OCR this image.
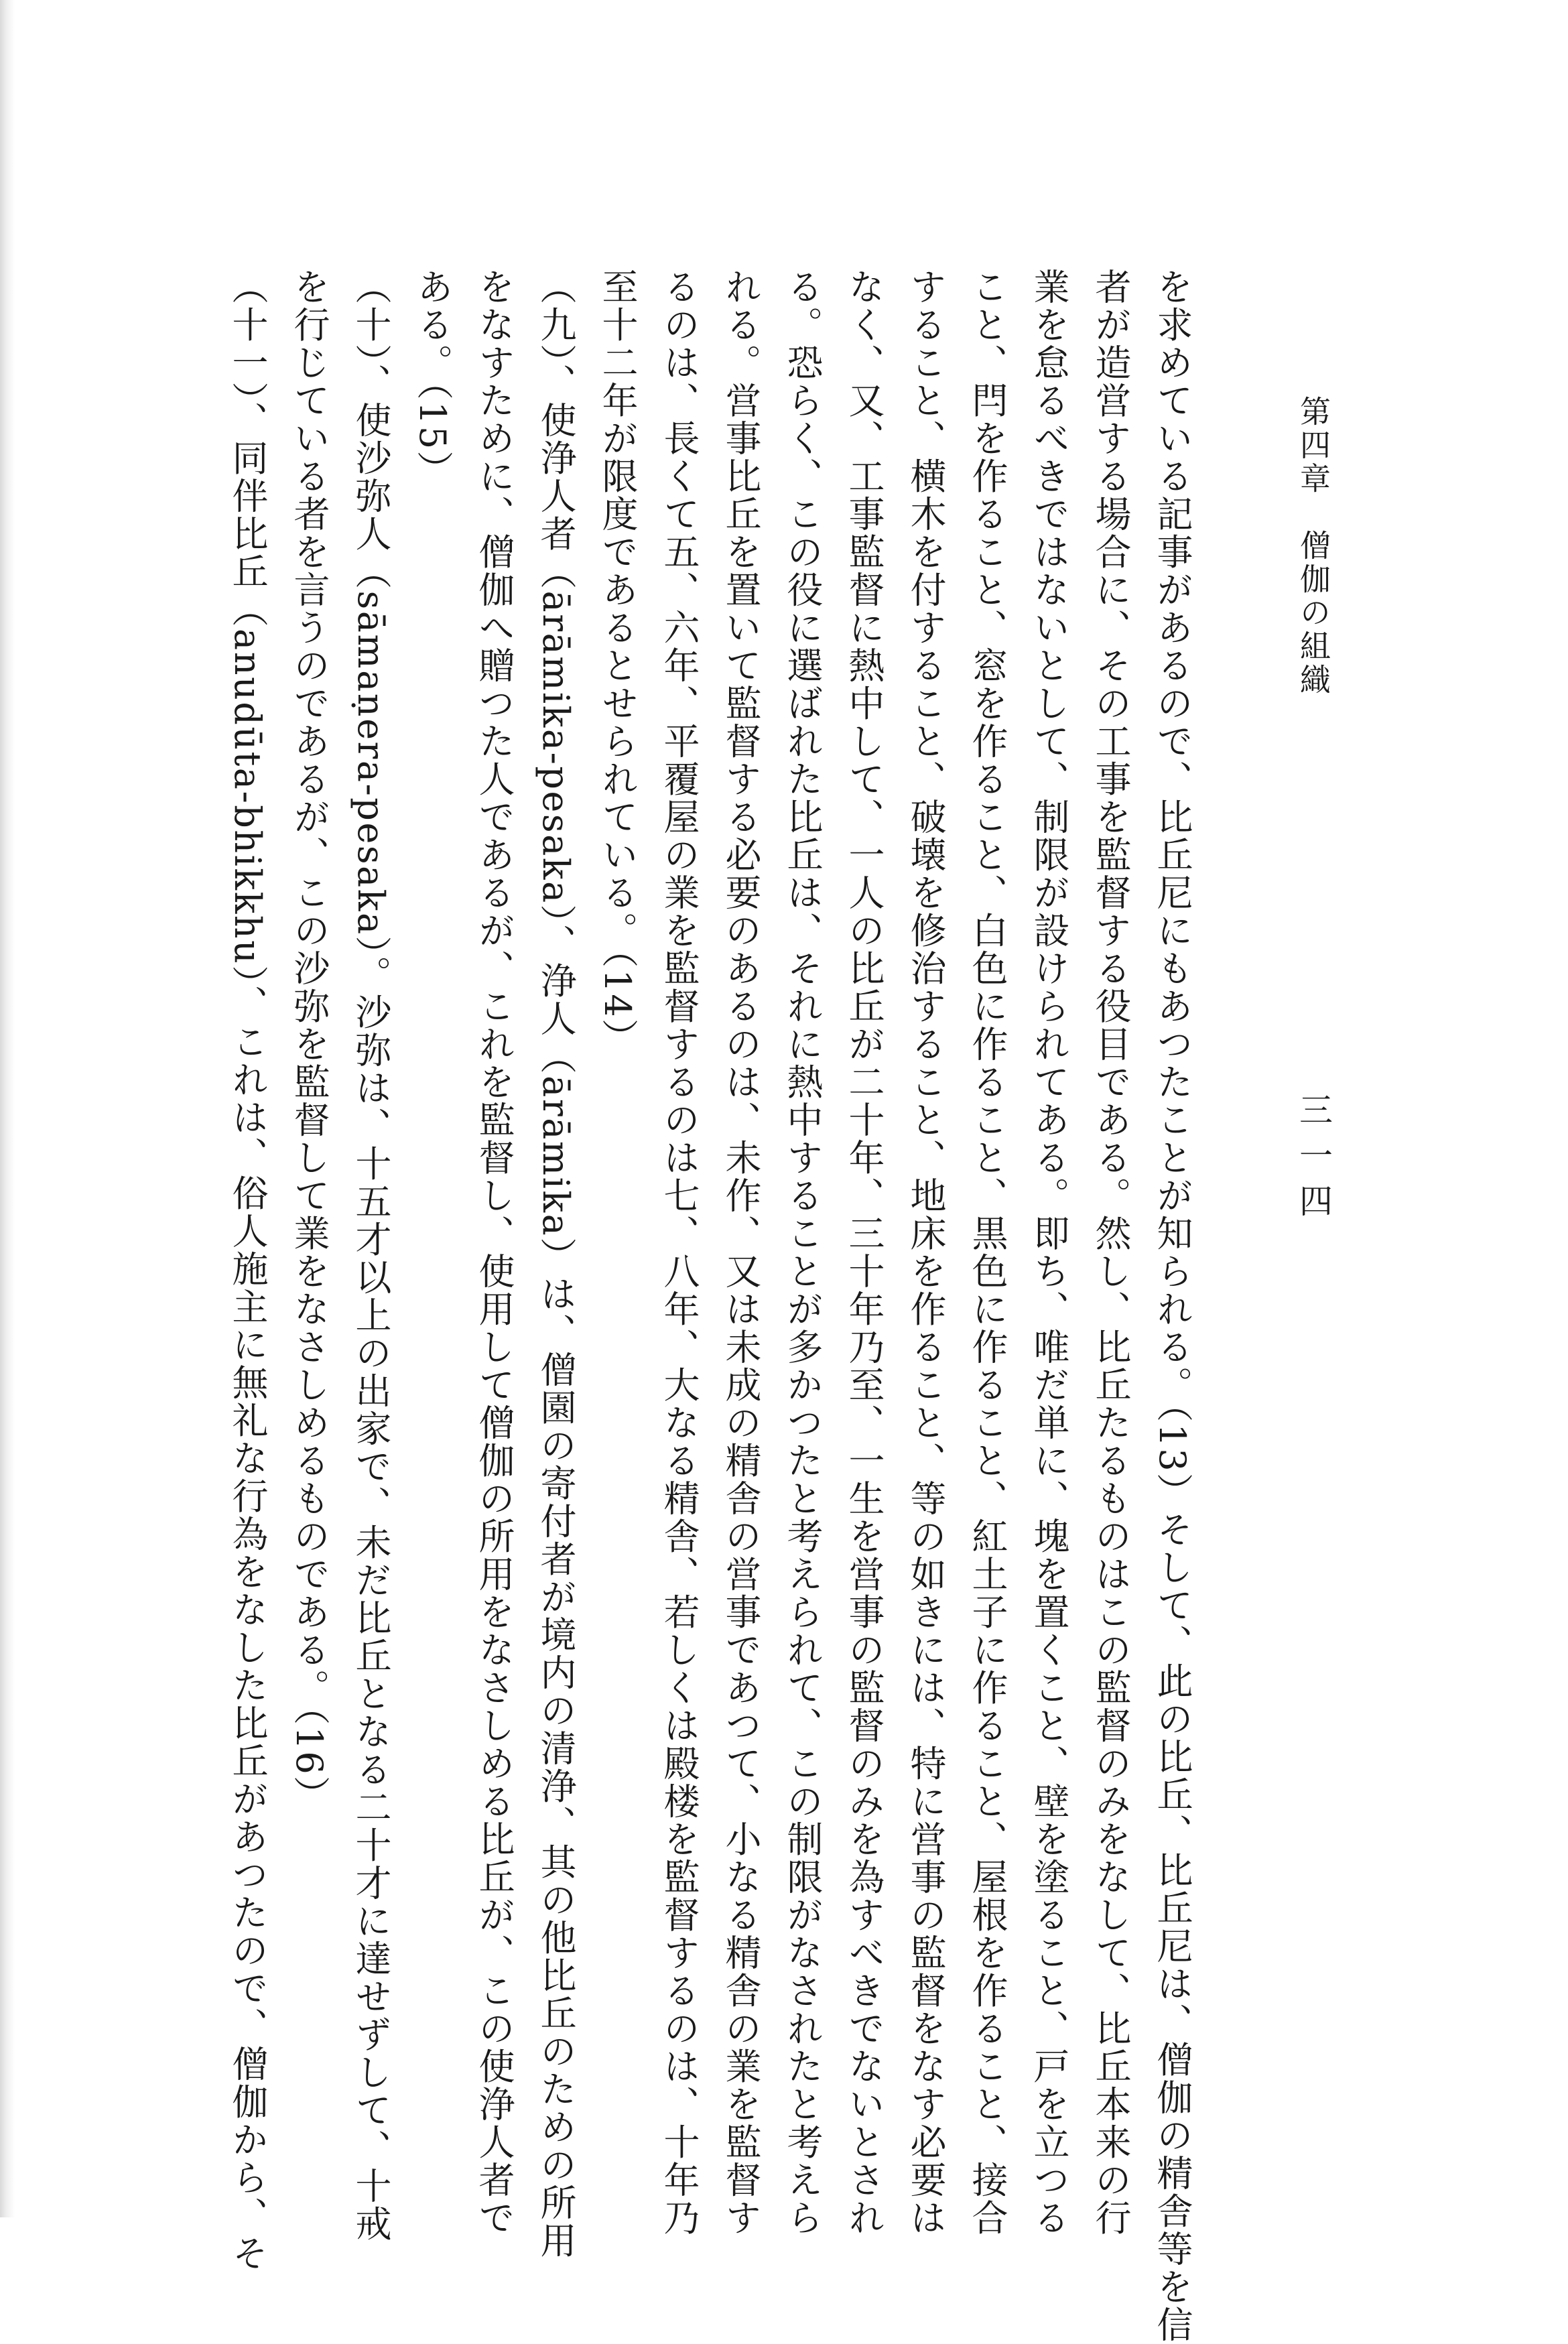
第四章　僧伽の組織
三一四
を求めている記事があるので、比丘尼にもあつたことが知られる。（13）そして、此の比丘、比丘尼は、僧伽の精舎等を信
者が造営する場合に、その工事を監督する役目である。然し、比丘たるものはこの監督のみをなして、比丘本来の行
業を怠るべきではないとして、制限が設けられてある。即ち、唯だ単に、塊を置くこと、壁を塗ること、戸を立つる
こと、閂を作ること、窓を作ること、白色に作ること、黒色に作ること、紅土子に作ること、屋根を作ること、接合
すること、横木を付すること、破壊を修治すること、地床を作ること、等の如きには、特に営事の監督をなす必要は
なく、又、工事監督に熱中して、一人の比丘が二十年、三十年乃至、一生を営事の監督のみを為すべきでないとされ
る。恐らく、この役に選ばれた比丘は、それに熱中することが多かつたと考えられて、この制限がなされたと考えら
れる。営事比丘を置いて監督する必要のあるのは、未作、又は未成の精舎の営事であつて、小なる精舎の業を監督す
るのは、長くて五、六年、平覆屋の業を監督するのは七、八年、大なる精舎、若しくは殿楼を監督するのは、十年乃
至十二年が限度であるとせられている。（14）
（九）、使浄人者（ārāmika-pesaka）、浄人（ārāmika）は、僧園の寄付者が境内の清浄、其の他比丘のための所用
をなすために、僧伽へ贈つた人であるが、これを監督し、使用して僧伽の所用をなさしめる比丘が、この使浄人者で
ある。（15）
（十）、使沙弥人（sāmaṇera-pesaka）。沙弥は、十五才以上の出家で、未だ比丘となる二十才に達せずして、十戒
を行じている者を言うのであるが、この沙弥を監督して業をなさしめるものである。（16）
（十一）、同伴比丘（anudūta-bhikkhu）、これは、俗人施主に無礼な行為をなした比丘があつたので、僧伽から、そ
